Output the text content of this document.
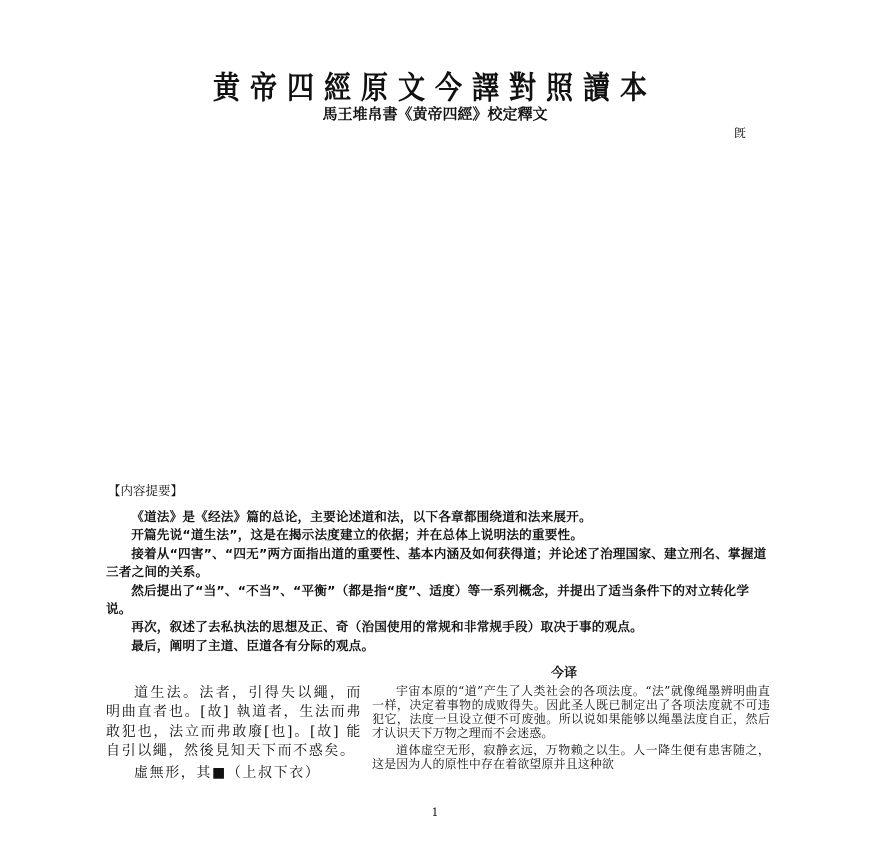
黄帝四經原文今譯對照讀本
馬王堆帛書《黄帝四經》校定釋文
旣
【内容提要】

《道法》是《经法》篇的总论，主要论述道和法，以下各章都围绕道和法来展开。

开篇先说“道生法”，这是在揭示法度建立的依据；并在总体上说明法的重要性。

接着从“四害”、“四无”两方面指出道的重要性、基本内涵及如何获得道；并论述了治理国家、建立刑名、掌握道三者之间的关系。

然后提出了“当”、“不当”、“平衡”（都是指“度”、适度）等一系列概念，并提出了适当条件下的对立转化学说。

再次，叙述了去私执法的思想及正、奇（治国使用的常规和非常规手段）取决于事的观点。

最后，阐明了主道、臣道各有分际的观点。

今译

道生法。法者，引得失以繩，而明曲直者也。[故] 執道者，生法而弗敢犯也，法立而弗敢廢[也]。[故] 能自引以繩，然後見知天下而不惑矣。

虛無形，其■（上叔下衣）

宇宙本原的“道”产生了人类社会的各项法度。“法”就像绳墨辨明曲直一样，决定着事物的成败得失。因此圣人既已制定出了各项法度就不可违犯它，法度一旦设立便不可废弛。所以说如果能够以绳墨法度自正，然后才认识天下万物之理而不会迷惑。

道体虚空无形，寂静玄远，万物赖之以生。人一降生便有患害随之，这是因为人的原性中存在着欲望原并且这种欲

1
